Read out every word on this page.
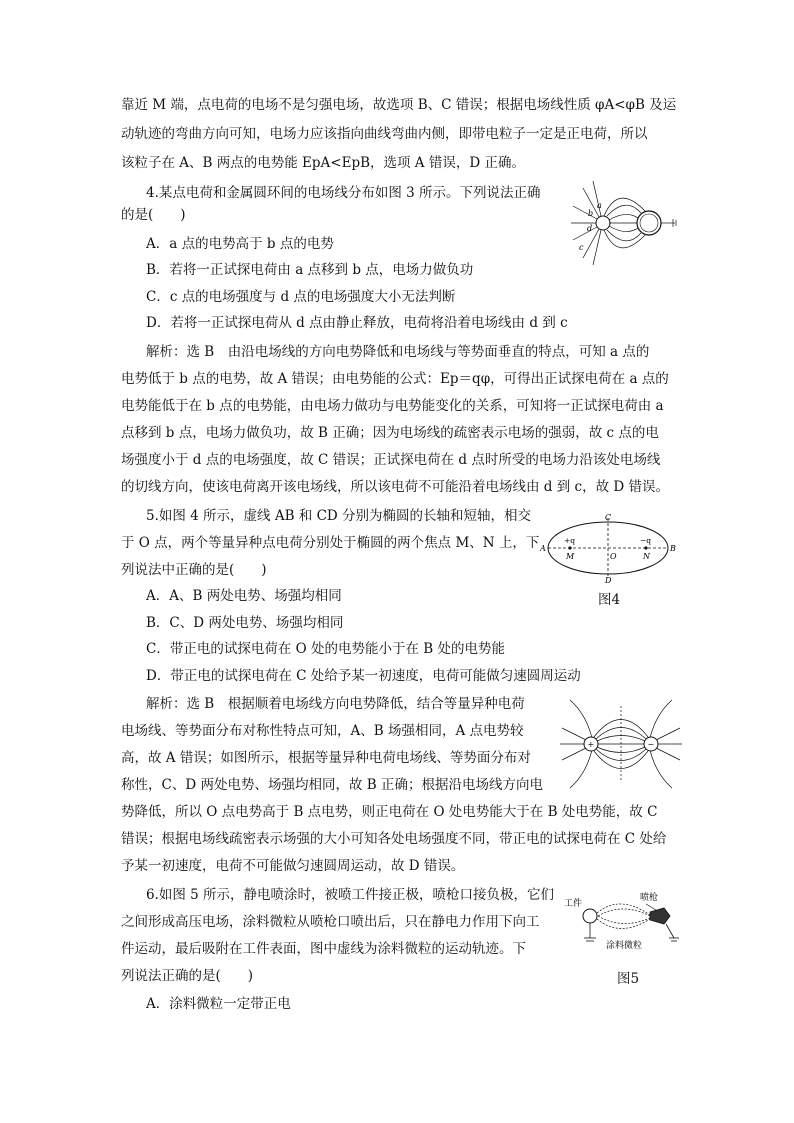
靠近 M 端，点电荷的电场不是匀强电场，故选项 B、C 错误；根据电场线性质 φA<φB 及运
动轨迹的弯曲方向可知，电场力应该指向曲线弯曲内侧，即带电粒子一定是正电荷，所以
该粒子在 A、B 两点的电势能 EpA<EpB，选项 A 错误，D 正确。
4.某点电荷和金属圆环间的电场线分布如图 3 所示。下列说法正确
的是(　　)
A．a 点的电势高于 b 点的电势
B．若将一正试探电荷由 a 点移到 b 点，电场力做负功
C．c 点的电场强度与 d 点的电场强度大小无法判断
D．若将一正试探电荷从 d 点由静止释放，电荷将沿着电场线由 d 到 c
解析：选 B　由沿电场线的方向电势降低和电场线与等势面垂直的特点，可知 a 点的
电势低于 b 点的电势，故 A 错误；由电势能的公式：Ep＝qφ，可得出正试探电荷在 a 点的
电势能低于在 b 点的电势能，由电场力做功与电势能变化的关系，可知将一正试探电荷由 a
点移到 b 点，电场力做负功，故 B 正确；因为电场线的疏密表示电场的强弱，故 c 点的电
场强度小于 d 点的电场强度，故 C 错误；正试探电荷在 d 点时所受的电场力沿该处电场线
的切线方向，使该电荷离开该电场线，所以该电荷不可能沿着电场线由 d 到 c，故 D 错误。
5.如图 4 所示，虚线 AB 和 CD 分别为椭圆的长轴和短轴，相交
于 O 点，两个等量异种点电荷分别处于椭圆的两个焦点 M、N 上，下
列说法中正确的是(　　)
A．A、B 两处电势、场强均相同
B．C、D 两处电势、场强均相同
C．带正电的试探电荷在 O 处的电势能小于在 B 处的电势能
D．带正电的试探电荷在 C 处给予某一初速度，电荷可能做匀速圆周运动
解析：选 B　根据顺着电场线方向电势降低，结合等量异种电荷
电场线、等势面分布对称性特点可知，A、B 场强相同，A 点电势较
高，故 A 错误；如图所示，根据等量异种电荷电场线、等势面分布对
称性，C、D 两处电势、场强均相同，故 B 正确；根据沿电场线方向电
势降低，所以 O 点电势高于 B 点电势，则正电荷在 O 处电势能大于在 B 处电势能，故 C
错误；根据电场线疏密表示场强的大小可知各处电场强度不同，带正电的试探电荷在 C 处给
予某一初速度，电荷不可能做匀速圆周运动，故 D 错误。
6.如图 5 所示，静电喷涂时，被喷工件接正极，喷枪口接负极，它们
之间形成高压电场，涂料微粒从喷枪口喷出后，只在静电力作用下向工
件运动，最后吸附在工件表面，图中虚线为涂料微粒的运动轨迹。下
列说法正确的是(　　)
A．涂料微粒一定带正电
a
b
c
d
C
D
A	B
M	O	N
+q	−q
图4
+	−
工件
喷枪
涂料微粒
图5
